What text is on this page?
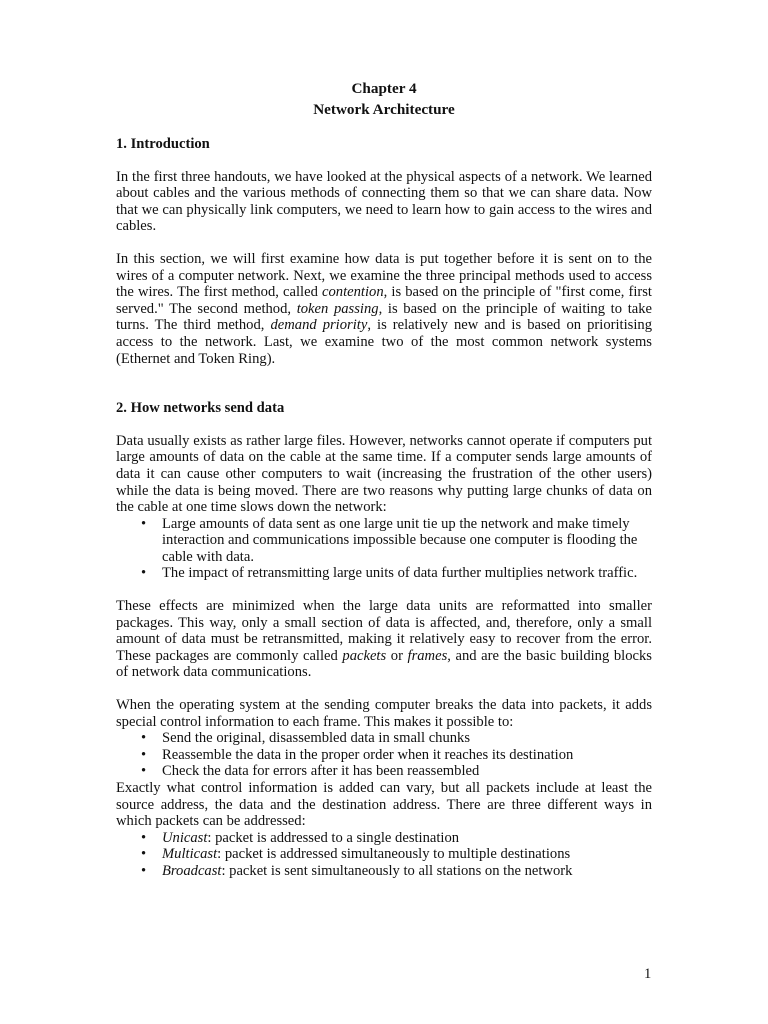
Chapter 4
Network Architecture
1. Introduction

In the first three handouts, we have looked at the physical aspects of a network. We learned about cables and the various methods of connecting them so that we can share data. Now that we can physically link computers, we need to learn how to gain access to the wires and cables.

In this section, we will first examine how data is put together before it is sent on to the wires of a computer network. Next, we examine the three principal methods used to access the wires. The first method, called contention, is based on the principle of "first come, first served." The second method, token passing, is based on the principle of waiting to take turns. The third method, demand priority, is relatively new and is based on prioritising access to the network. Last, we examine two of the most common network systems (Ethernet and Token Ring).

2. How networks send data

Data usually exists as rather large files. However, networks cannot operate if computers put large amounts of data on the cable at the same time. If a computer sends large amounts of data it can cause other computers to wait (increasing the frustration of the other users) while the data is being moved. There are two reasons why putting large chunks of data on the cable at one time slows down the network:

• Large amounts of data sent as one large unit tie up the network and make timely interaction and communications impossible because one computer is flooding the cable with data.
• The impact of retransmitting large units of data further multiplies network traffic.

These effects are minimized when the large data units are reformatted into smaller packages. This way, only a small section of data is affected, and, therefore, only a small amount of data must be retransmitted, making it relatively easy to recover from the error. These packages are commonly called packets or frames, and are the basic building blocks of network data communications.

When the operating system at the sending computer breaks the data into packets, it adds special control information to each frame. This makes it possible to:

• Send the original, disassembled data in small chunks
• Reassemble the data in the proper order when it reaches its destination
• Check the data for errors after it has been reassembled

Exactly what control information is added can vary, but all packets include at least the source address, the data and the destination address. There are three different ways in which packets can be addressed:

• Unicast: packet is addressed to a single destination
• Multicast: packet is addressed simultaneously to multiple destinations
• Broadcast: packet is sent simultaneously to all stations on the network
1
